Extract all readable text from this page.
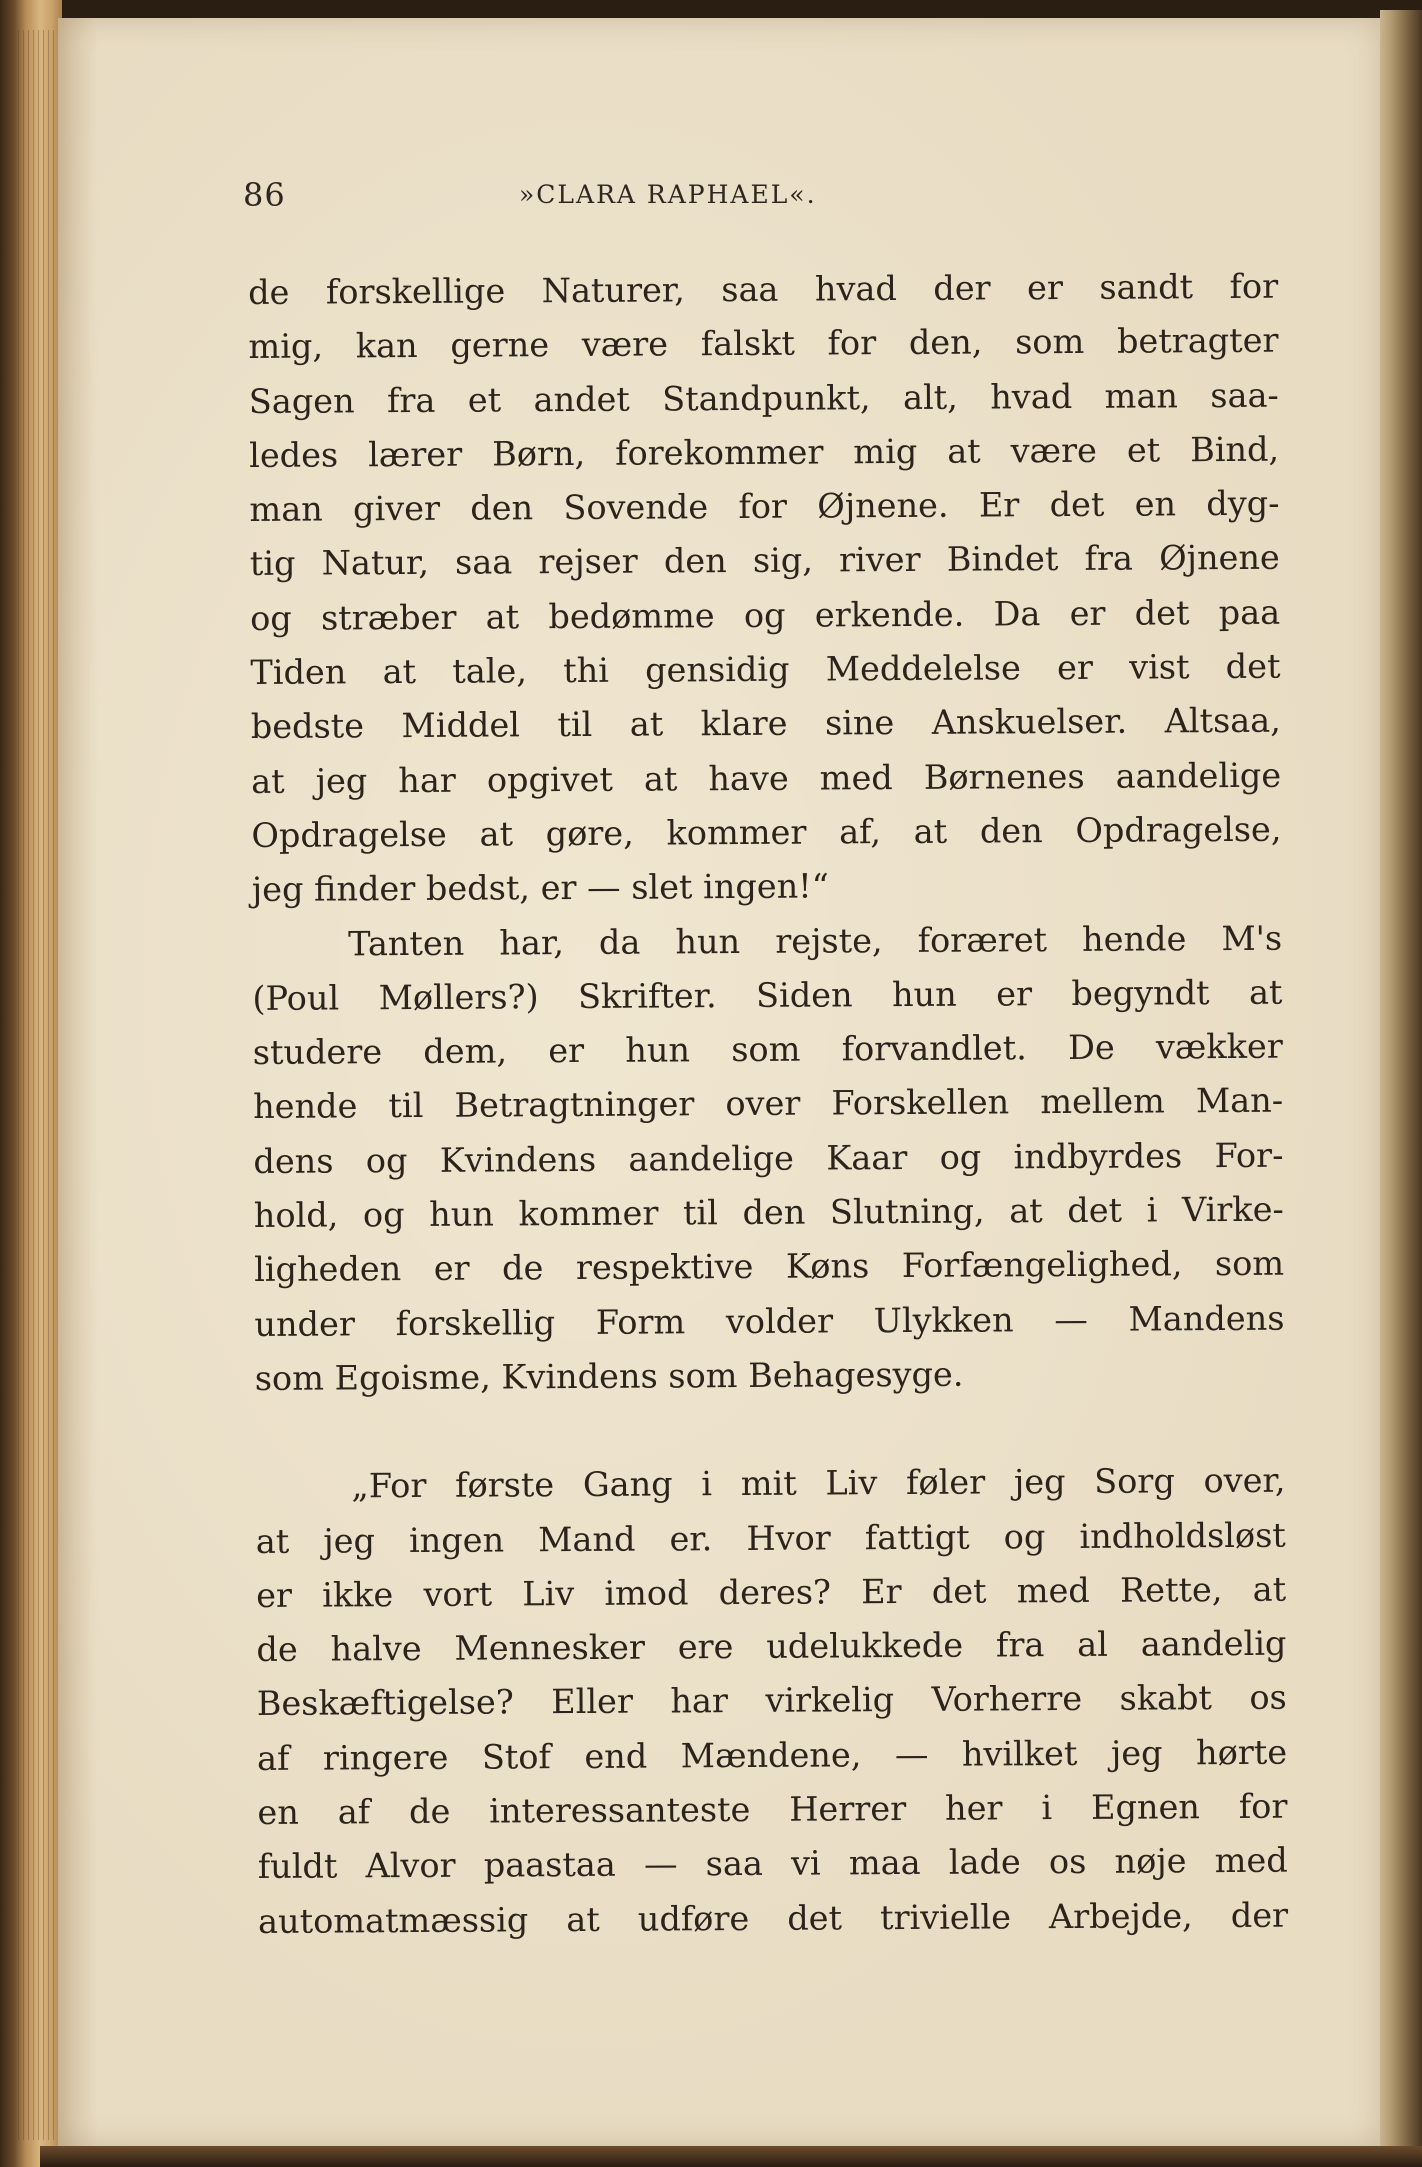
86	»CLARA RAPHAEL«.
de forskellige Naturer, saa hvad der er sandt for
mig, kan gerne være falskt for den, som betragter
Sagen fra et andet Standpunkt, alt, hvad man saa-
ledes lærer Børn, forekommer mig at være et Bind,
man giver den Sovende for Øjnene. Er det en dyg-
tig Natur, saa rejser den sig, river Bindet fra Øjnene
og stræber at bedømme og erkende. Da er det paa
Tiden at tale, thi gensidig Meddelelse er vist det
bedste Middel til at klare sine Anskuelser. Altsaa,
at jeg har opgivet at have med Børnenes aandelige
Opdragelse at gøre, kommer af, at den Opdragelse,
jeg finder bedst, er — slet ingen!“
Tanten har, da hun rejste, foræret hende M's
(Poul Møllers?) Skrifter. Siden hun er begyndt at
studere dem, er hun som forvandlet. De vækker
hende til Betragtninger over Forskellen mellem Man-
dens og Kvindens aandelige Kaar og indbyrdes For-
hold, og hun kommer til den Slutning, at det i Virke-
ligheden er de respektive Køns Forfængelighed, som
under forskellig Form volder Ulykken — Mandens
som Egoisme, Kvindens som Behagesyge.
„For første Gang i mit Liv føler jeg Sorg over,
at jeg ingen Mand er. Hvor fattigt og indholdsløst
er ikke vort Liv imod deres? Er det med Rette, at
de halve Mennesker ere udelukkede fra al aandelig
Beskæftigelse? Eller har virkelig Vorherre skabt os
af ringere Stof end Mændene, — hvilket jeg hørte
en af de interessanteste Herrer her i Egnen for
fuldt Alvor paastaa — saa vi maa lade os nøje med
automatmæssig at udføre det trivielle Arbejde, der
